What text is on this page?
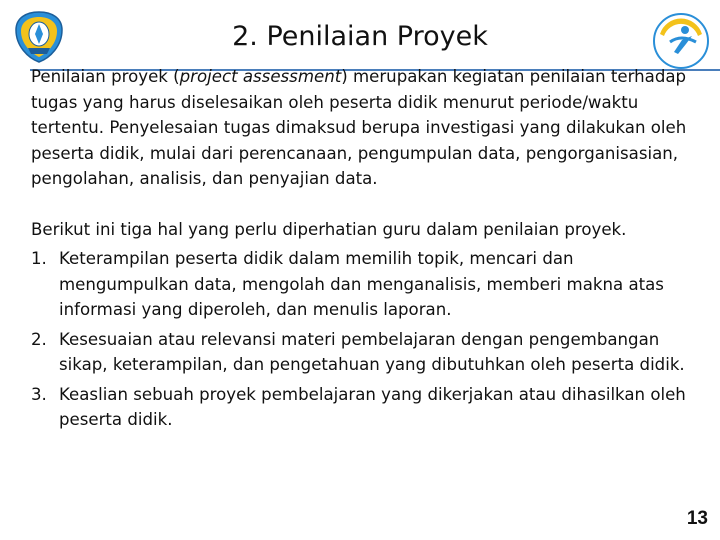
2. Penilaian Proyek

Penilaian proyek (project assessment) merupakan kegiatan penilaian terhadap tugas yang harus diselesaikan oleh peserta didik menurut periode/waktu tertentu. Penyelesaian tugas dimaksud berupa investigasi yang dilakukan oleh peserta didik, mulai dari perencanaan, pengumpulan data, pengorganisasian, pengolahan, analisis, dan penyajian data.

Berikut ini tiga hal yang perlu diperhatian guru dalam penilaian proyek.

1. Keterampilan peserta didik dalam memilih topik, mencari dan mengumpulkan data, mengolah dan menganalisis, memberi makna atas informasi yang diperoleh, dan menulis laporan.
2. Kesesuaian atau relevansi materi pembelajaran dengan pengembangan sikap, keterampilan, dan pengetahuan yang dibutuhkan oleh peserta didik.
3. Keaslian sebuah proyek pembelajaran yang dikerjakan atau dihasilkan oleh peserta didik.
13
